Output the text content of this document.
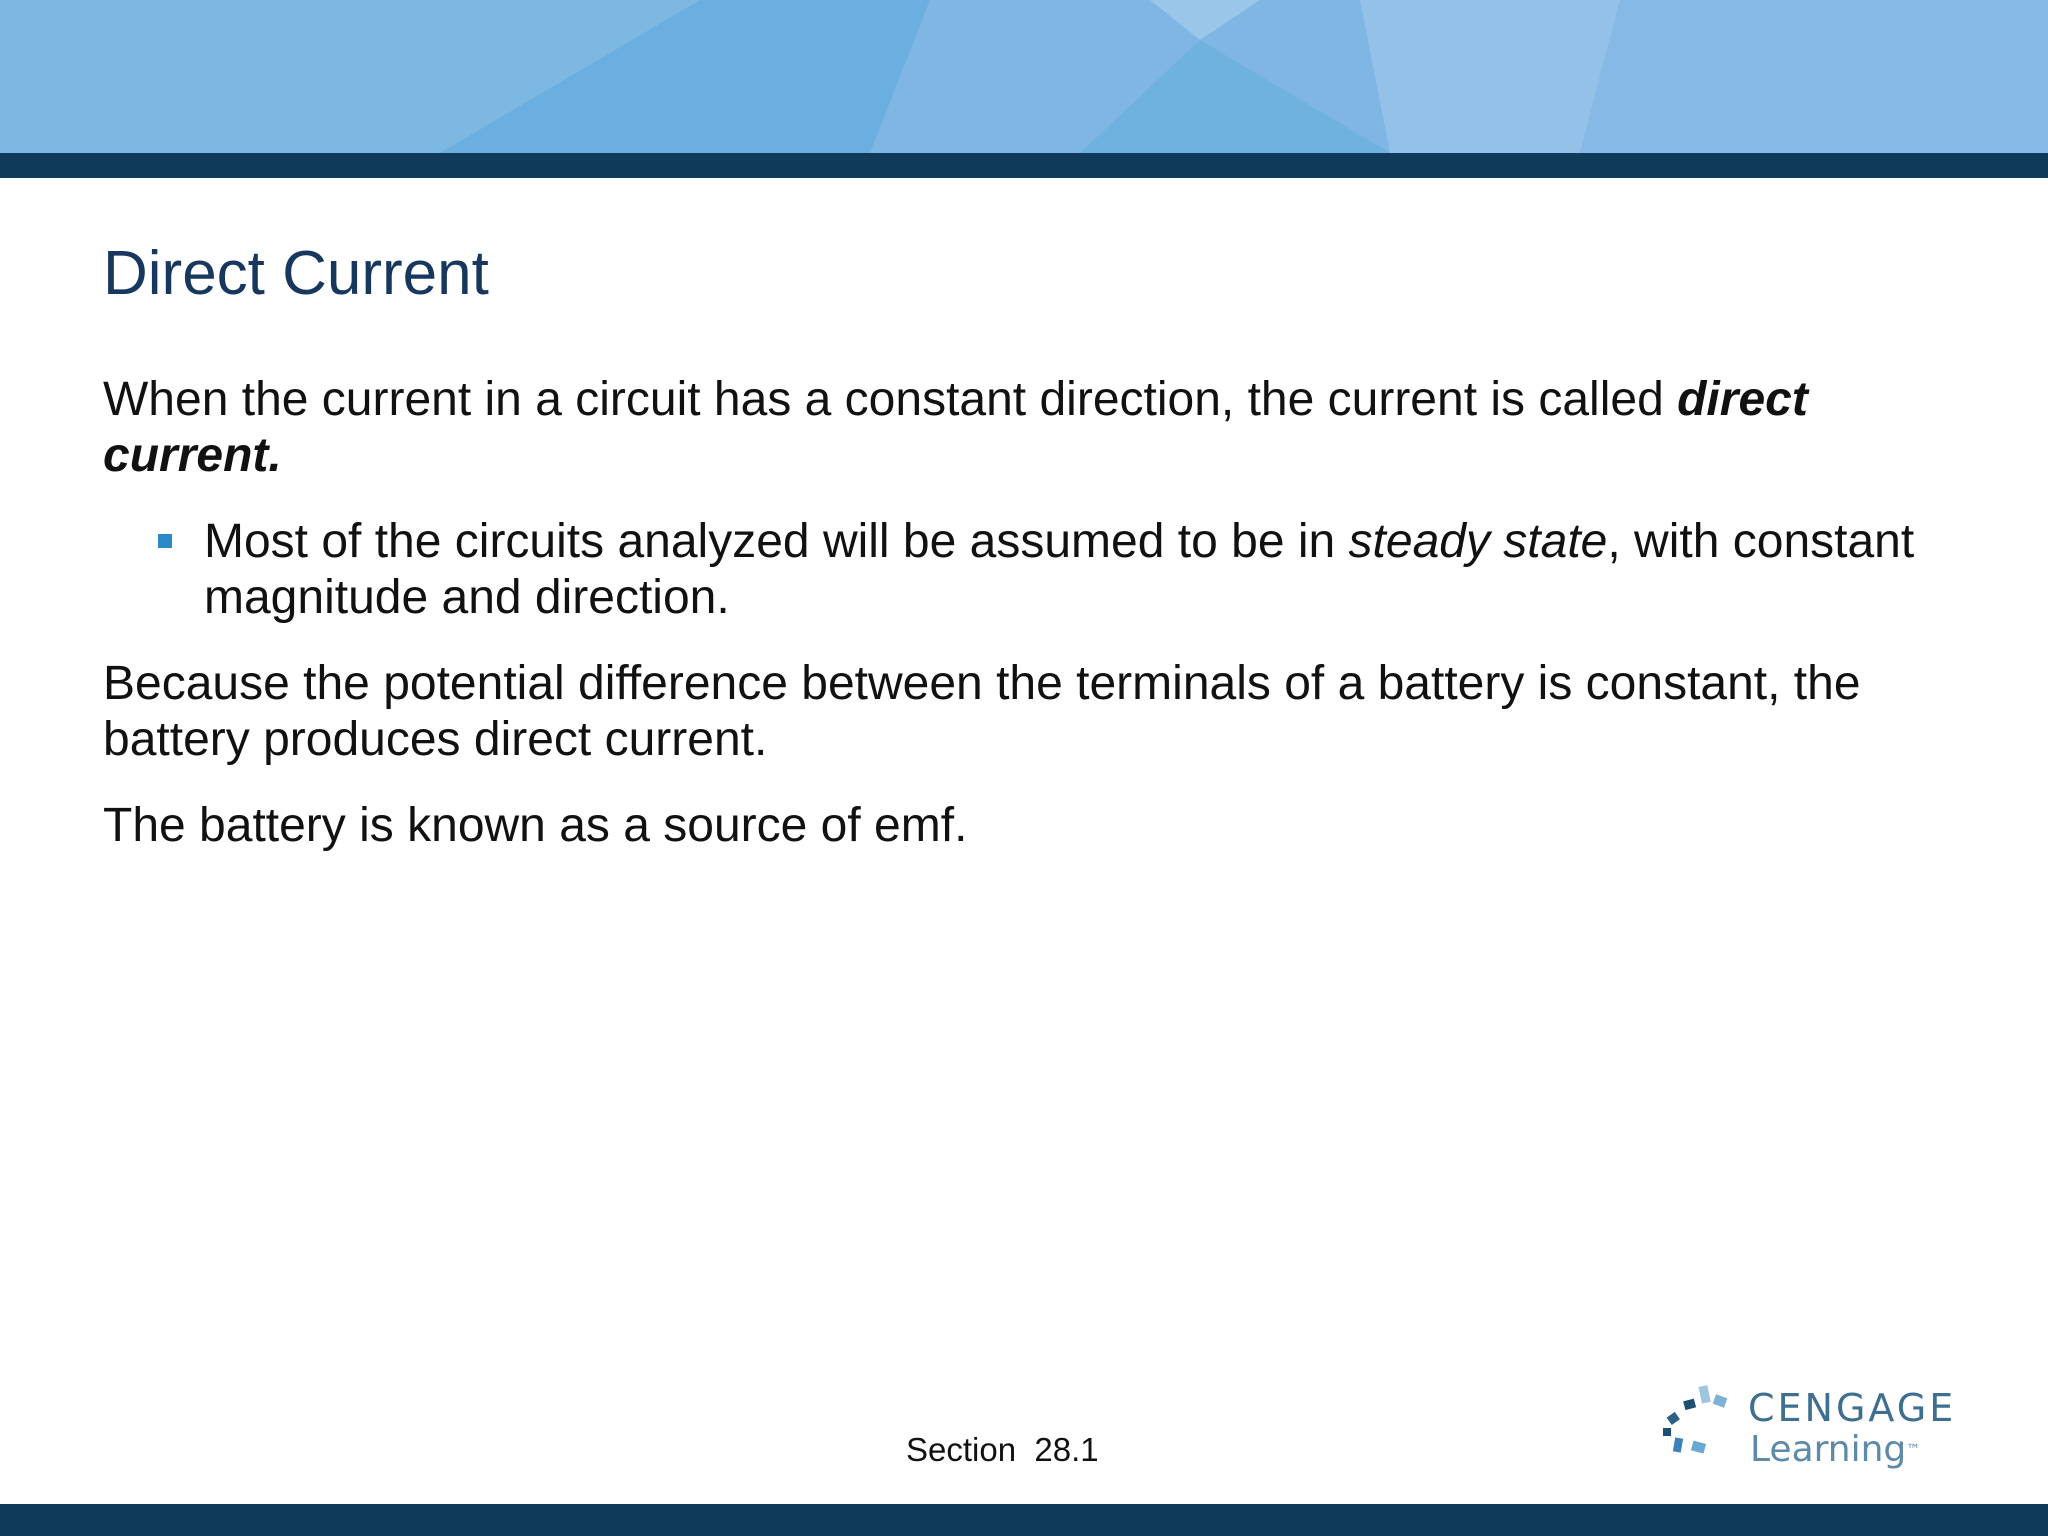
Direct Current

When the current in a circuit has a constant direction, the current is called direct current.

Most of the circuits analyzed will be assumed to be in steady state, with constant magnitude and direction.

Because the potential difference between the terminals of a battery is constant, the battery produces direct current.

The battery is known as a source of emf.

Section  28.1
CENGAGE
Learning™
